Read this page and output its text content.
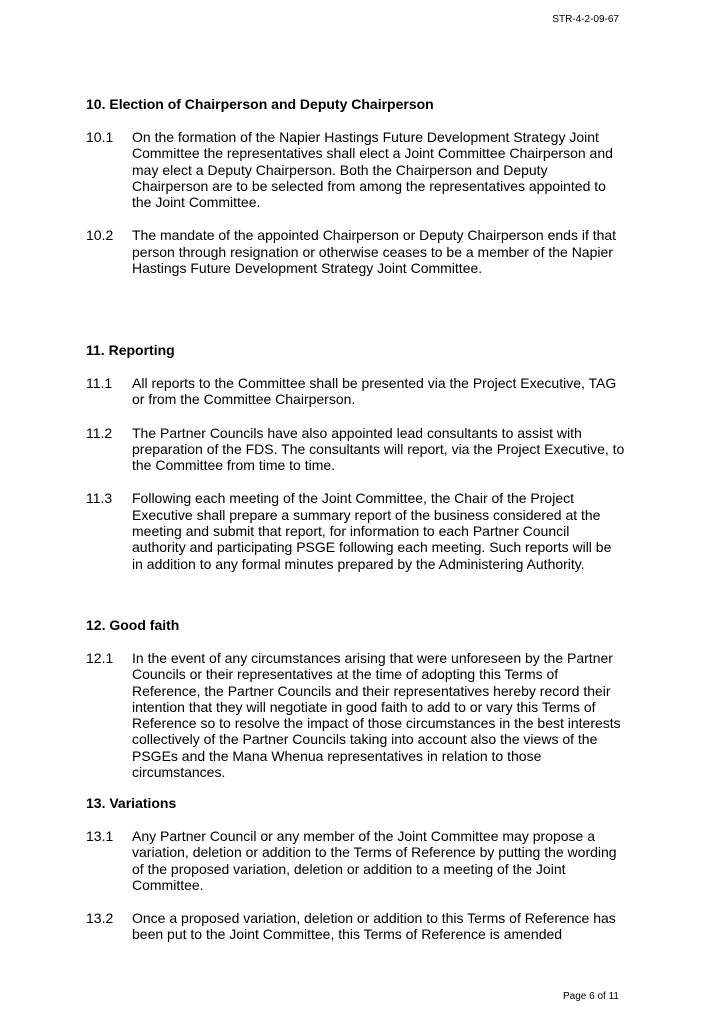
STR-4-2-09-67
10. Election of Chairperson and Deputy Chairperson
10.1 On the formation of the Napier Hastings Future Development Strategy Joint Committee the representatives shall elect a Joint Committee Chairperson and may elect a Deputy Chairperson. Both the Chairperson and Deputy Chairperson are to be selected from among the representatives appointed to the Joint Committee.
10.2 The mandate of the appointed Chairperson or Deputy Chairperson ends if that person through resignation or otherwise ceases to be a member of the Napier Hastings Future Development Strategy Joint Committee.
11. Reporting
11.1 All reports to the Committee shall be presented via the Project Executive, TAG or from the Committee Chairperson.
11.2 The Partner Councils have also appointed lead consultants to assist with preparation of the FDS. The consultants will report, via the Project Executive, to the Committee from time to time.
11.3 Following each meeting of the Joint Committee, the Chair of the Project Executive shall prepare a summary report of the business considered at the meeting and submit that report, for information to each Partner Council authority and participating PSGE following each meeting. Such reports will be in addition to any formal minutes prepared by the Administering Authority.
12. Good faith
12.1 In the event of any circumstances arising that were unforeseen by the Partner Councils or their representatives at the time of adopting this Terms of Reference, the Partner Councils and their representatives hereby record their intention that they will negotiate in good faith to add to or vary this Terms of Reference so to resolve the impact of those circumstances in the best interests collectively of the Partner Councils taking into account also the views of the PSGEs and the Mana Whenua representatives in relation to those circumstances.
13. Variations
13.1 Any Partner Council or any member of the Joint Committee may propose a variation, deletion or addition to the Terms of Reference by putting the wording of the proposed variation, deletion or addition to a meeting of the Joint Committee.
13.2 Once a proposed variation, deletion or addition to this Terms of Reference has been put to the Joint Committee, this Terms of Reference is amended
Page 6 of 11
